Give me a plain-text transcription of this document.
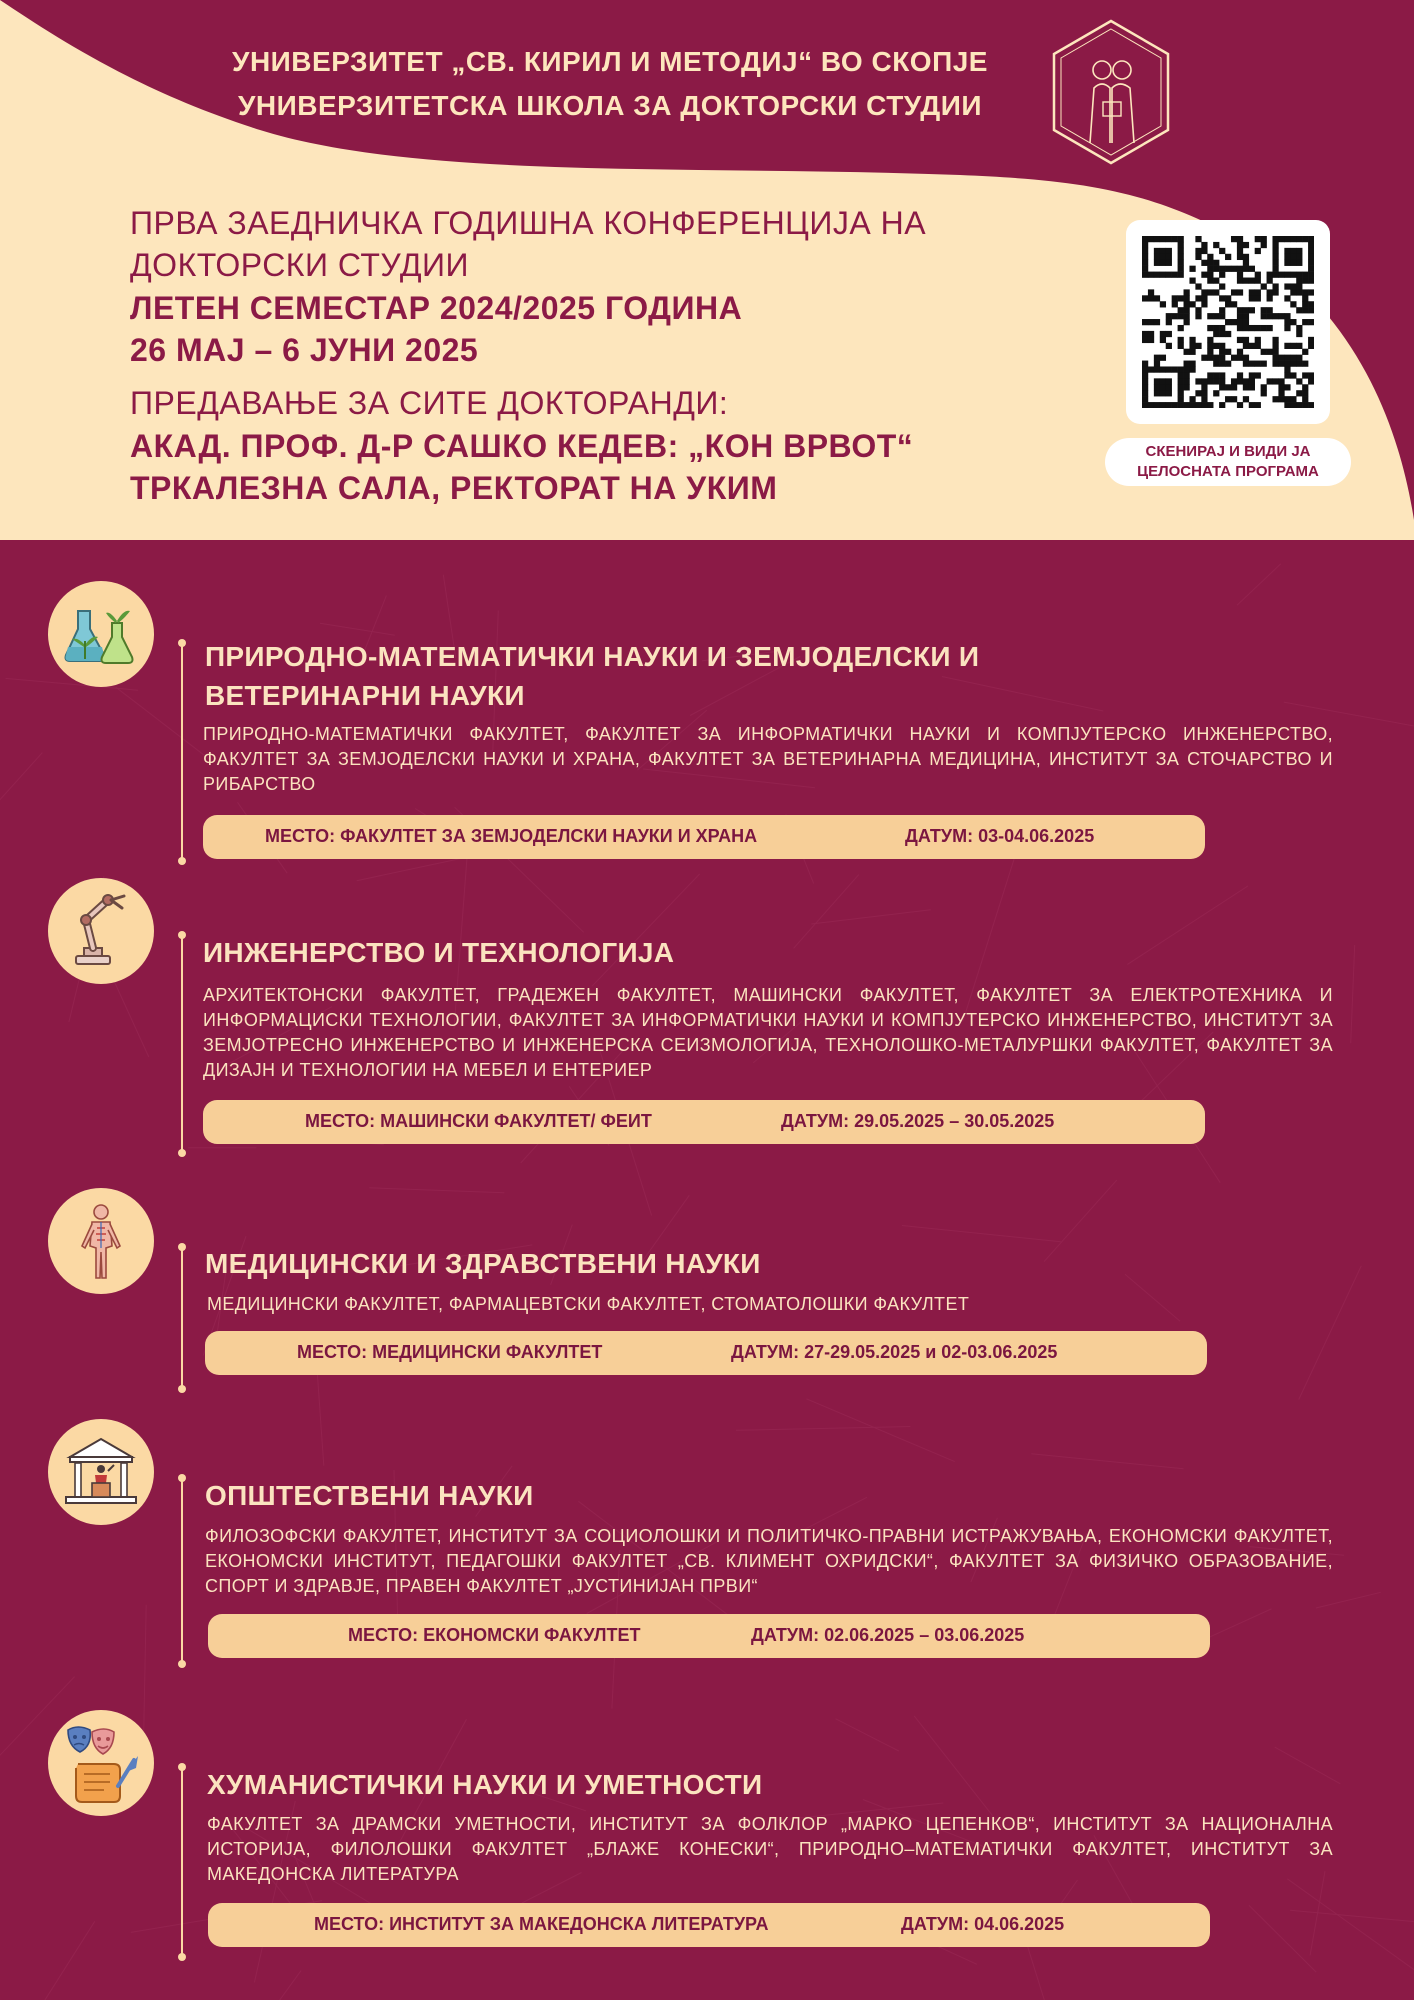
УНИВЕРЗИТЕТ „СВ. КИРИЛ И МЕТОДИЈ“ ВО СКОПЈЕ
УНИВЕРЗИТЕТСКА ШКОЛА ЗА ДОКТОРСКИ СТУДИИ
ПРВА ЗАЕДНИЧКА ГОДИШНА КОНФЕРЕНЦИЈА НА
ДОКТОРСКИ СТУДИИ
ЛЕТЕН СЕМЕСТАР 2024/2025 ГОДИНА
26 МАЈ – 6 ЈУНИ 2025
ПРЕДАВАЊЕ ЗА СИТЕ ДОКТОРАНДИ:
АКАД. ПРОФ. Д-Р САШКО КЕДЕВ: „КОН ВРВОТ“
ТРКАЛЕЗНА САЛА, РЕКТОРАТ НА УКИМ
СКЕНИРАЈ И ВИДИ ЈА
ЦЕЛОСНАТА ПРОГРАМА
ПРИРОДНО-МАТЕМАТИЧКИ НАУКИ И ЗЕМЈОДЕЛСКИ И
ВЕТЕРИНАРНИ НАУКИ
ПРИРОДНО-МАТЕМАТИЧКИ ФАКУЛТЕТ, ФАКУЛТЕТ ЗА ИНФОРМАТИЧКИ НАУКИ И КОМПЈУТЕРСКО ИНЖЕНЕРСТВО, ФАКУЛТЕТ ЗА ЗЕМЈОДЕЛСКИ НАУКИ И ХРАНА, ФАКУЛТЕТ ЗА ВЕТЕРИНАРНА МЕДИЦИНА, ИНСТИТУТ ЗА СТОЧАРСТВО И РИБАРСТВО
МЕСТО: ФАКУЛТЕТ ЗА ЗЕМЈОДЕЛСКИ НАУКИ И ХРАНА	ДАТУМ: 03-04.06.2025
ИНЖЕНЕРСТВО И ТЕХНОЛОГИЈА
АРХИТЕКТОНСКИ ФАКУЛТЕТ, ГРАДЕЖЕН ФАКУЛТЕТ, МАШИНСКИ ФАКУЛТЕТ, ФАКУЛТЕТ ЗА ЕЛЕКТРОТЕХНИКА И ИНФОРМАЦИСКИ ТЕХНОЛОГИИ, ФАКУЛТЕТ ЗА ИНФОРМАТИЧКИ НАУКИ И КОМПЈУТЕРСКО ИНЖЕНЕРСТВО, ИНСТИТУТ ЗА ЗЕМЈОТРЕСНО ИНЖЕНЕРСТВО И ИНЖЕНЕРСКА СЕИЗМОЛОГИЈА, ТЕХНОЛОШКО-МЕТАЛУРШКИ ФАКУЛТЕТ, ФАКУЛТЕТ ЗА ДИЗАЈН И ТЕХНОЛОГИИ НА МЕБЕЛ И ЕНТЕРИЕР
МЕСТО: МАШИНСКИ ФАКУЛТЕТ/ ФЕИТ	ДАТУМ: 29.05.2025 – 30.05.2025
МЕДИЦИНСКИ И ЗДРАВСТВЕНИ НАУКИ
МЕДИЦИНСКИ ФАКУЛТЕТ, ФАРМАЦЕВТСКИ ФАКУЛТЕТ, СТОМАТОЛОШКИ ФАКУЛТЕТ
МЕСТО: МЕДИЦИНСКИ ФАКУЛТЕТ	ДАТУМ: 27-29.05.2025 и 02-03.06.2025
ОПШТЕСТВЕНИ НАУКИ
ФИЛОЗОФСКИ ФАКУЛТЕТ, ИНСТИТУТ ЗА СОЦИОЛОШКИ И ПОЛИТИЧКО-ПРАВНИ ИСТРАЖУВАЊА, ЕКОНОМСКИ ФАКУЛТЕТ, ЕКОНОМСКИ ИНСТИТУТ, ПЕДАГОШКИ ФАКУЛТЕТ „СВ. КЛИМЕНТ ОХРИДСКИ“, ФАКУЛТЕТ ЗА ФИЗИЧКО ОБРАЗОВАНИЕ, СПОРТ И ЗДРАВЈЕ, ПРАВЕН ФАКУЛТЕТ „ЈУСТИНИЈАН ПРВИ“
МЕСТО: ЕКОНОМСКИ ФАКУЛТЕТ	ДАТУМ: 02.06.2025 – 03.06.2025
ХУМАНИСТИЧКИ НАУКИ И УМЕТНОСТИ
ФАКУЛТЕТ ЗА ДРАМСКИ УМЕТНОСТИ, ИНСТИТУТ ЗА ФОЛКЛОР „МАРКО ЦЕПЕНКОВ“, ИНСТИТУТ ЗА НАЦИОНАЛНА ИСТОРИЈА, ФИЛОЛОШКИ ФАКУЛТЕТ „БЛАЖЕ КОНЕСКИ“, ПРИРОДНО–МАТЕМАТИЧКИ ФАКУЛТЕТ, ИНСТИТУТ ЗА МАКЕДОНСКА ЛИТЕРАТУРА
МЕСТО: ИНСТИТУТ ЗА МАКЕДОНСКА ЛИТЕРАТУРА	ДАТУМ: 04.06.2025
